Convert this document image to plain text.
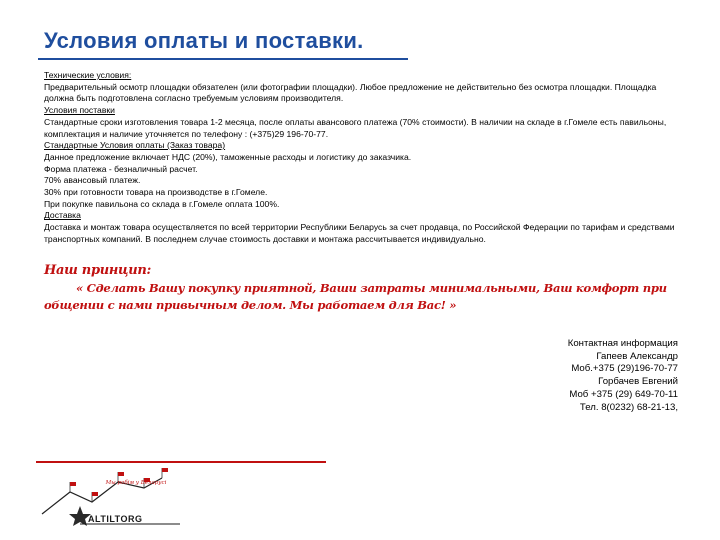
Условия оплаты и поставки.
Технические условия:
Предварительный осмотр площадки обязателен (или фотографии площадки). Любое предложение не действительно без осмотра площадки. Площадка должна быть подготовлена согласно требуемым условиям производителя.
Условия поставки
Стандартные сроки изготовления товара 1-2 месяца, после оплаты авансового платежа (70% стоимости). В наличии на складе в г.Гомеле есть павильоны, комплектация и наличие уточняется по телефону : (+375)29 196-70-77.
Стандартные Условия оплаты (Заказ товара)
Данное предложение включает НДС (20%), таможенные расходы и логистику до заказчика.
Форма платежа - безналичный расчет.
70% авансовый платеж.
30% при готовности товара на производстве в г.Гомеле.
При покупке павильона со склада в г.Гомеле оплата 100%.
Доставка
Доставка и монтаж товара осуществляется по всей территории Республики Беларусь за счет продавца, по Российской Федерации по тарифам и средствами транспортных компаний. В последнем случае стоимость доставки и монтажа рассчитывается индивидуально.
Наш принцип:
« Сделать Вашу покупку приятной, Ваши затраты минимальными, Ваш комфорт при общении с нами привычным делом. Мы работаем для Вас! »
Контактная информация
Гапеев Александр
Моб.+375 (29)196-70-77
Горбачев Евгений
Моб +375 (29) 649-70-11
Тел. 8(0232) 68-21-13,
Мы робім у Беларусі
ALTILTORG
